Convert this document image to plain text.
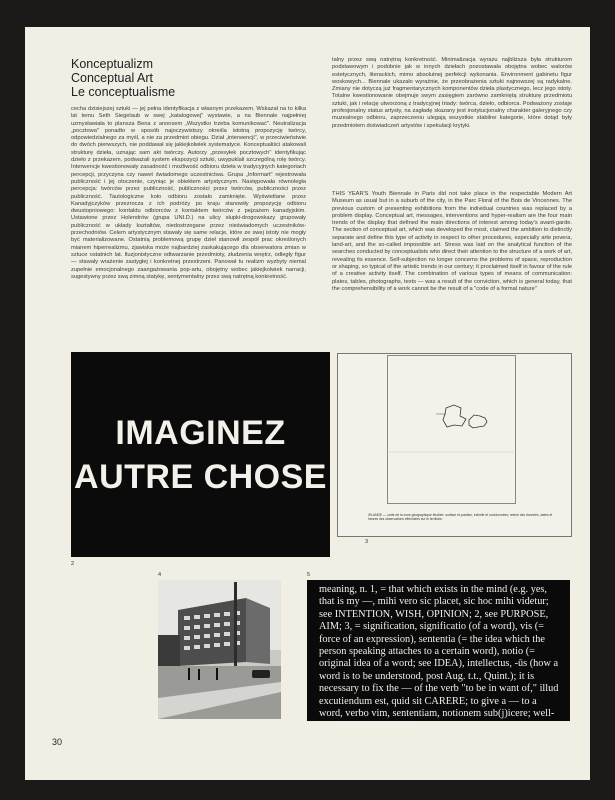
Konceptualizm
Conceptual Art
Le conceptualisme

cecha dzisiejszej sztuki — jej pełna identyfikacja z własnym przekazem. Wskazał na to kilka lat temu Seth Siegelaub w swej „katalogowej" wystawie, a na Biennale najpełniej uzmysławiała to plansza Bena z anonsem „Wszystko trzeba komunikować". Neutralizacja „pocztowa" ponadto w sposób najoczywistszy określa istotną propozycję twórcy, odpowiedzialnego za myśl, a nie za przedmiot obiegu. Dział „interwencji", w przeciwieństwie do dwóch pierwszych, nie poddawał się jakiejkolwiek systematyce. Konceptualiści atakowali strukturę dzieła, uznając sam akt twórczy. Autorzy „przesyłek pocztowych" identyfikując dzieło z przekazem, podważali system ekspozycji sztuki, uwypuklali szczególną rolę twórcy. Interwencje kwestionowały zasadność i możliwość odbioru dzieła w tradycyjnych kategoriach percepcji, przyczyna czy nawet świadomego uczestnictwa. Grupa „Informart" rejestrowała publiczność i jej otoczenie, czyniąc je obiektem artystycznym. Następowała równoległa percepcja: twórców przez publiczność, publiczności przez twórców, publiczności przez publiczność. Tautologiczne koło odbioru zostało zamknięte. Wyświetlane przez Kanadyjczyków przezrocza z ich podróży po kraju stanowiły propozycję odbioru dwustopniowego: kontaktu odbiorców z kontaktem twórców z pejzażem kanadyjskim. Ustawione przez Holendrów (grupa UNI.D.) na ulicy słupki-drogowskazy grupowały publiczność w układy kształtów, niedostrzegane przez nieświadomych uczestników-przechodniów. Celem artystycznym stawały się same relacje, które ze swej istoty nie mogły być materializowane. Ostatnią problemową grupę dzieł stanowił zespół prac określonych mianem hiperrealizmu, zjawiska może najbardziej zaskakującego dla obserwatora zmian w sztuce ostatnich lat. Iluzjonistyczne odtwarzanie przedmioty, złudzenia wnętrz, odległy figur — stawały wrażenie zastygłej i konkretnej przestrzeni. Panował tu realizm wyzbyty niemal zupełnie emocjonalnego zaangażowania pop-artu, obojętny wobec jakiejkolwiek narracji, sugestywny przez swą zimną statykę, sentymentalny przez swą natrętną konkretność.

talny przez swą natrętną konkretność. Minimalizacja wyrazu najbliższa była strukturom podstawowym i podobnie jak w innych dziełach pozostawała obojętna wobec walorów estetycznych, literackich, mimo absolutnej perfekcji wykonania. Environment gabinetu figur woskowych... Biennale ukazało wyraźnie, że przeobrażenia sztuki najnowszej są radykalne. Zmiany nie dotyczą już fragmentarycznych komponentów dzieła plastycznego, lecz jego istoty. Totalne kwestionowanie obejmuje swym zasięgiem zarówno zamkniętą strukturę przedmiotu sztuki, jak i relację utworzoną z tradycyjnej triady: twórca, dzieło, odbiorca. Podważony zostaje profesjonalny status artysty, na zagładę skazany jest instytucjonalny charakter galeryjnego czy muzealnego odbioru, zaprzeczeniu ulegają wszystkie stabilne kategorie, które dotąd były przedmiotem doświadczeń artystów i spekulacji krytyki.

THIS YEAR'S Youth Biennale in Paris did not take place in the respectable Modern Art Museum as usual but in a suburb of the city, in the Parc Floral of the Bois de Vincennes. The previous custom of presenting exhibitions from the individual countries was replaced by a problem display. Conceptual art, messages, interventions and hyper-realism are the four main trends of the display that defined the main directions of interest among today's avant-garde. The section of conceptual art, which was developed the most, claimed the ambition to distinctly separate and define this type of activity in respect to other procedures, especially arte povera, land-art, and the so-called impossible art. Stress was laid on the analytical function of the searches conducted by conceptualists who direct their attention to the structure of a work of art, revealing its essence. Self-subjection no longer concerns the problems of space, reproduction or shaping, so typical of the artistic trends in our century; it proclaimed itself in favour of the rule of a creative activity itself. The combination of various types of means of communication: plates, tables, photographs, texts — was a result of the conviction, which is general today, that the comprehensibility of a work cannot be the result of a "code of a formal nature"

IMAGINEZ
AUTRE CHOSE
2
ISLANDE — carte de la zone géographique étudiée, surface et position, échelle et coordonnées; relevé des données, dates et heures des observations effectuées sur le territoire.
3
4	5
meaning, n. 1, = that which exists in the mind (e.g. yes, that is my —, mihi vero sic placet, sic hoc mihi videtur; see INTENTION, WISH, OPINION; 2, see PURPOSE, AIM; 3, = signification, significatio (of a word), vis (= force of an expression), sententia (= the idea which the person speaking attaches to a certain word), notio (= original idea of a word; see IDEA), intellectus, -ūs (how a word is to be understood, post Aug. t.t., Quint.); it is necessary to fix the — of the verb "to be in want of," illud excutiendum est, quid sit CARERE; to give a — to a word, verbo vim, sententiam, notionem sub(j)icere; well-—, see BENEVOLENT.
30
